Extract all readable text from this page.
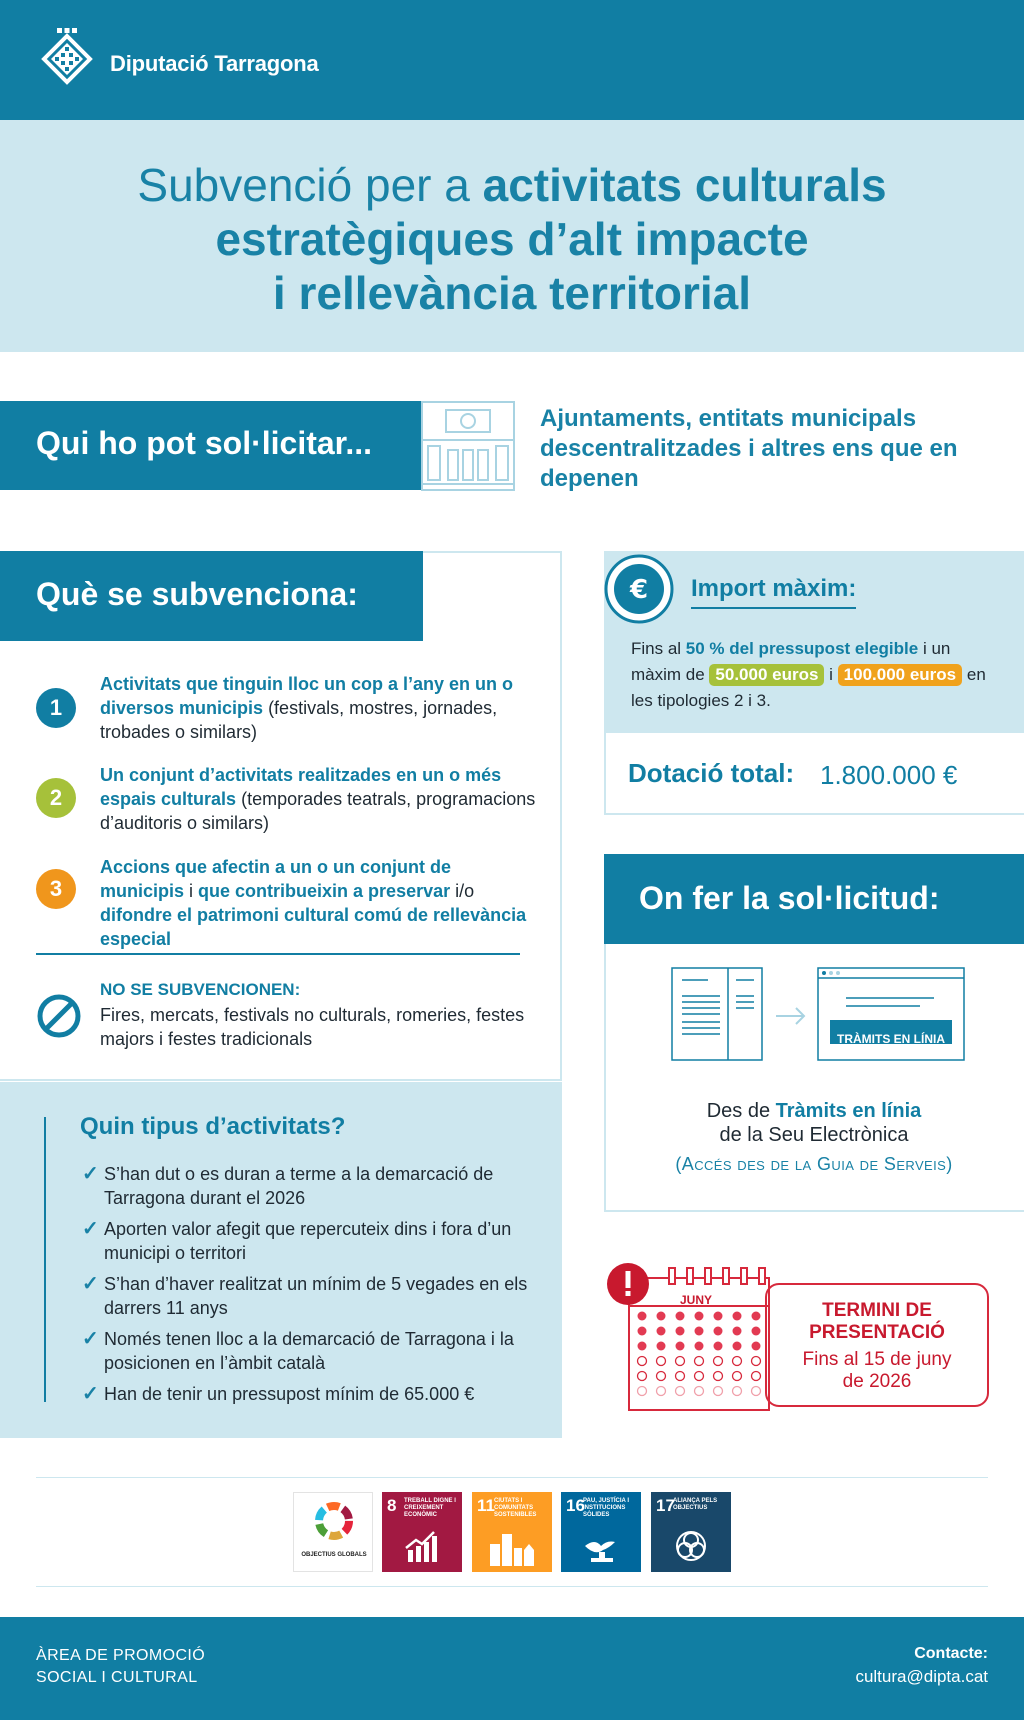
Diputació Tarragona
Subvenció per a activitats culturals
estratègiques d’alt impacte
i rellevància territorial
Qui ho pot sol·licitar...
Ajuntaments, entitats municipals descentralitzades i altres ens que en depenen
Què se subvenciona:
1
Activitats que tinguin lloc un cop a l’any en un o diversos municipis (festivals, mostres, jornades, trobades o similars)
2
Un conjunt d’activitats realitzades en un o més espais culturals (temporades teatrals, programacions d’auditoris o similars)
3
Accions que afectin a un o un conjunt de municipis i que contribueixin a preservar i/o difondre el patrimoni cultural comú de rellevància especial
NO SE SUBVENCIONEN:
Fires, mercats, festivals no culturals, romeries, festes majors i festes tradicionals
Quin tipus d’activitats?
✓ S’han dut o es duran a terme a la demarcació de Tarragona durant el 2026
✓ Aporten valor afegit que repercuteix dins i fora d’un municipi o territori
✓ S’han d’haver realitzat un mínim de 5 vegades en els darrers 11 anys
✓ Només tenen lloc a la demarcació de Tarragona i la posicionen en l’àmbit català
✓ Han de tenir un pressupost mínim de 65.000 €
€ Import màxim:
Fins al 50 % del pressupost elegible i un màxim de 50.000 euros i 100.000 euros en les tipologies 2 i 3.
Dotació total: 1.800.000 €
On fer la sol·licitud:
TRÀMITS EN LÍNIA
Des de Tràmits en línia
de la Seu Electrònica
(Accés des de la Guia de Serveis)
JUNY	TERMINI DE
PRESENTACIÓ
Fins al 15 de juny
de 2026
OBJECTIUS GLOBALS
8 TREBALL DIGNE I CREIXEMENT ECONÒMIC	11 CIUTATS I COMUNITATS SOSTENIBLES	16
PAU, JUSTÍCIA I INSTITUCIONS SÒLIDES	17
ALIANÇA PELS OBJECTIUS
ÀREA DE PROMOCIÓ
SOCIAL I CULTURAL
Contacte:
cultura@dipta.cat
